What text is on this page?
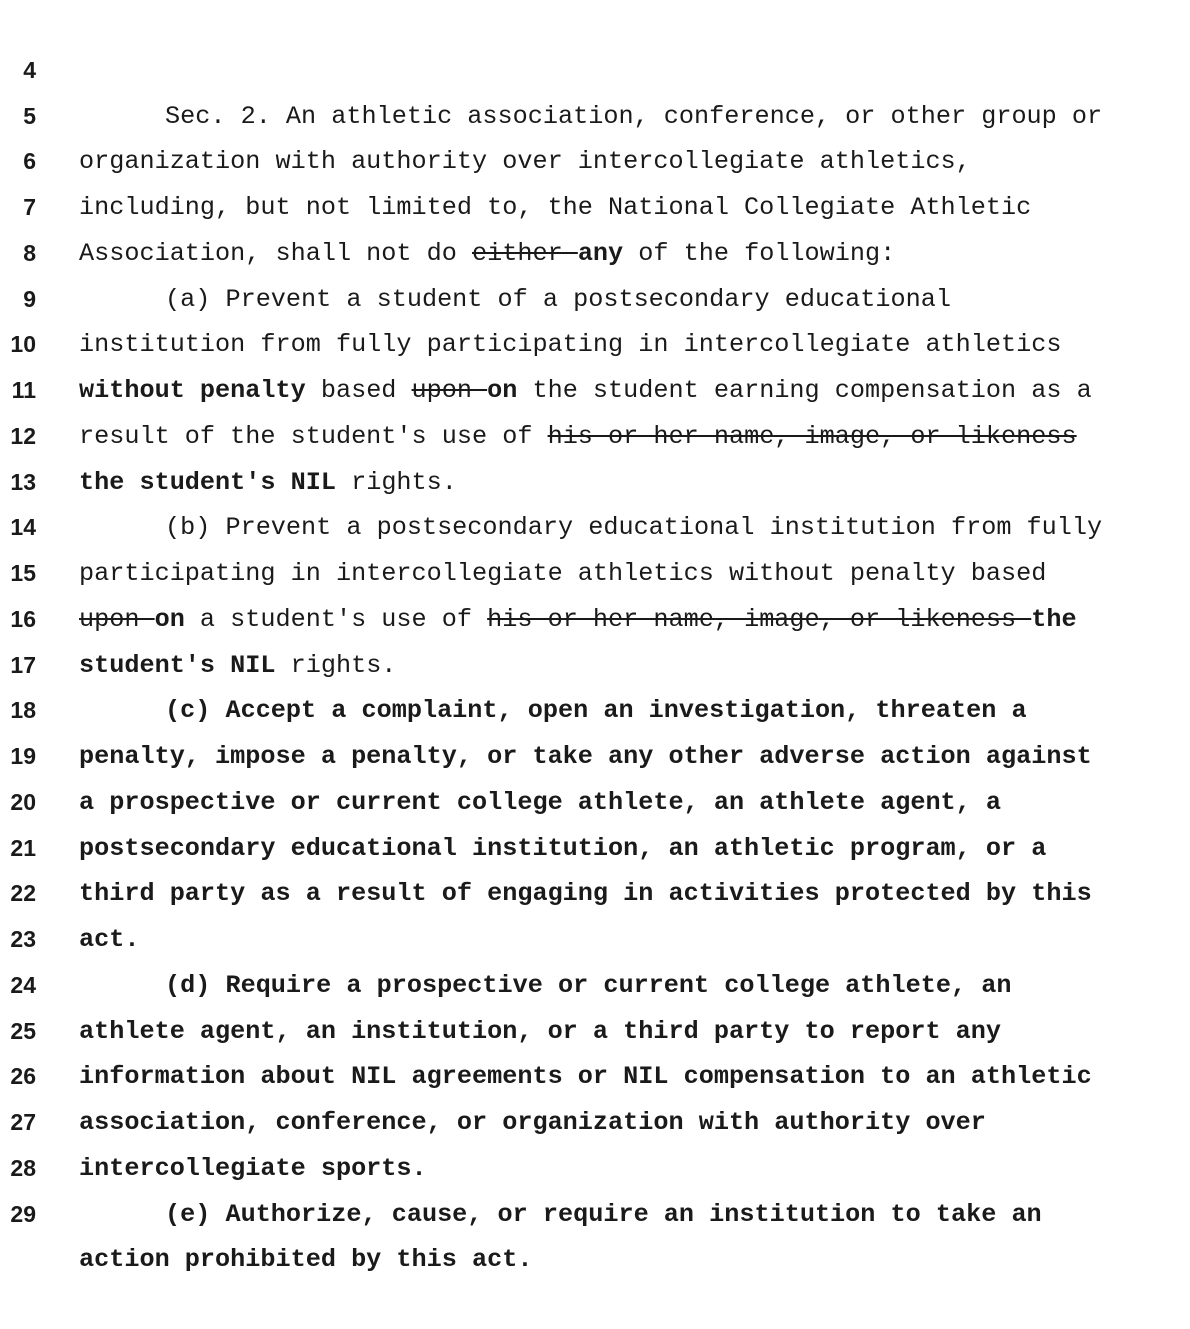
4

Sec. 2. An athletic association, conference, or other group or

5

organization with authority over intercollegiate athletics,

6

including, but not limited to, the National Collegiate Athletic

7

Association, shall not do either any of the following:

8

(a) Prevent a student of a postsecondary educational

9

institution from fully participating in intercollegiate athletics

10

without penalty based upon on the student earning compensation as a

11

result of the student's use of his or her name, image, or likeness

12

the student's NIL rights.

13

(b) Prevent a postsecondary educational institution from fully

14

participating in intercollegiate athletics without penalty based

15

upon on a student's use of his or her name, image, or likeness the

16

student's NIL rights.

17

(c) Accept a complaint, open an investigation, threaten a

18

penalty, impose a penalty, or take any other adverse action against

19

a prospective or current college athlete, an athlete agent, a

20

postsecondary educational institution, an athletic program, or a

21

third party as a result of engaging in activities protected by this

22

act.

23

(d) Require a prospective or current college athlete, an

24

athlete agent, an institution, or a third party to report any

25

information about NIL agreements or NIL compensation to an athletic

26

association, conference, or organization with authority over

27

intercollegiate sports.

28

(e) Authorize, cause, or require an institution to take an

29

action prohibited by this act.
